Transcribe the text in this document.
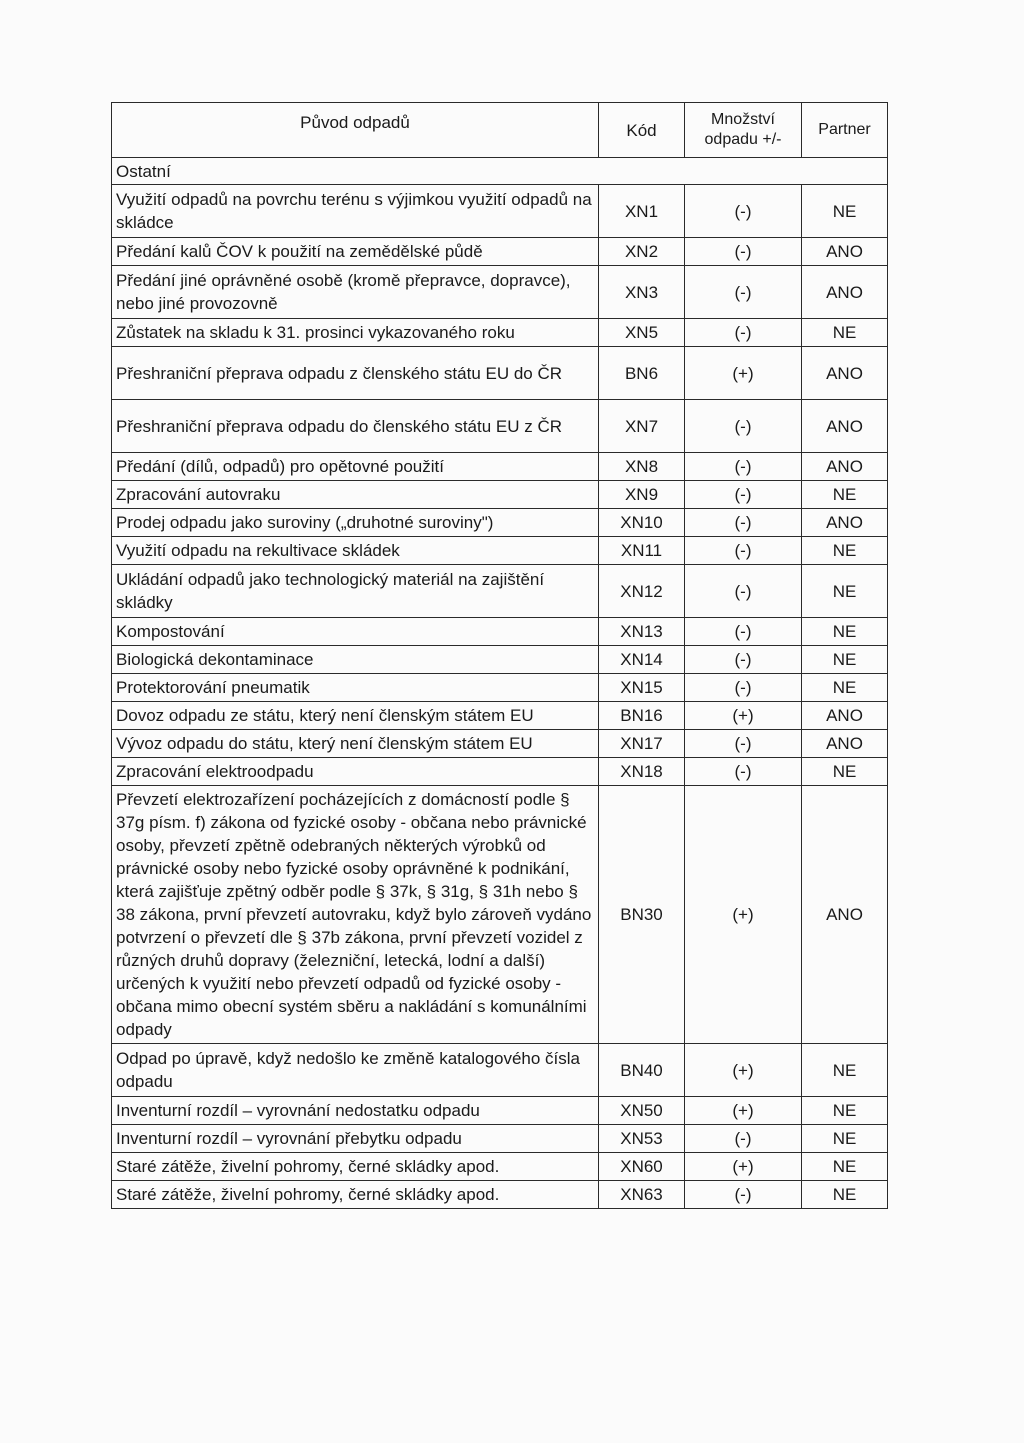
Původ odpadů	Kód	Množství odpadu +/-	Partner
Ostatní			
Využití odpadů na povrchu terénu s výjimkou využití odpadů na skládce	XN1	(-)	NE
Předání kalů ČOV k použití na zemědělské půdě	XN2	(-)	ANO
Předání jiné oprávněné osobě (kromě přepravce, dopravce), nebo jiné provozovně	XN3	(-)	ANO
Zůstatek na skladu k 31. prosinci vykazovaného roku	XN5	(-)	NE
Přeshraniční přeprava odpadu z členského státu EU do ČR	BN6	(+)	ANO
Přeshraniční přeprava odpadu do členského státu EU z ČR	XN7	(-)	ANO
Předání (dílů, odpadů) pro opětovné použití	XN8	(-)	ANO
Zpracování autovraku	XN9	(-)	NE
Prodej odpadu jako suroviny („druhotné suroviny")	XN10	(-)	ANO
Využití odpadu na rekultivace skládek	XN11	(-)	NE
Ukládání odpadů jako technologický materiál na zajištění skládky	XN12	(-)	NE
Kompostování	XN13	(-)	NE
Biologická dekontaminace	XN14	(-)	NE
Protektorování pneumatik	XN15	(-)	NE
Dovoz odpadu ze státu, který není členským státem EU	BN16	(+)	ANO
Vývoz odpadu do státu, který není členským státem EU	XN17	(-)	ANO
Zpracování elektroodpadu	XN18	(-)	NE
Převzetí elektrozařízení pocházejících z domácností podle § 37g písm. f) zákona od fyzické osoby - občana nebo právnické osoby, převzetí zpětně odebraných některých výrobků od právnické osoby nebo fyzické osoby oprávněné k podnikání, která zajišťuje zpětný odběr podle § 37k, § 31g, § 31h nebo § 38 zákona, první převzetí autovraku, když bylo zároveň vydáno potvrzení o převzetí dle § 37b zákona, první převzetí vozidel z různých druhů dopravy (železniční, letecká, lodní a další) určených k využití nebo převzetí odpadů od fyzické osoby - občana mimo obecní systém sběru a nakládání s komunálními odpady	BN30	(+)	ANO
Odpad po úpravě, když nedošlo ke změně katalogového čísla odpadu	BN40	(+)	NE
Inventurní rozdíl – vyrovnání nedostatku odpadu	XN50	(+)	NE
Inventurní rozdíl – vyrovnání přebytku odpadu	XN53	(-)	NE
Staré zátěže, živelní pohromy, černé skládky apod.	XN60	(+)	NE
Staré zátěže, živelní pohromy, černé skládky apod.	XN63	(-)	NE
